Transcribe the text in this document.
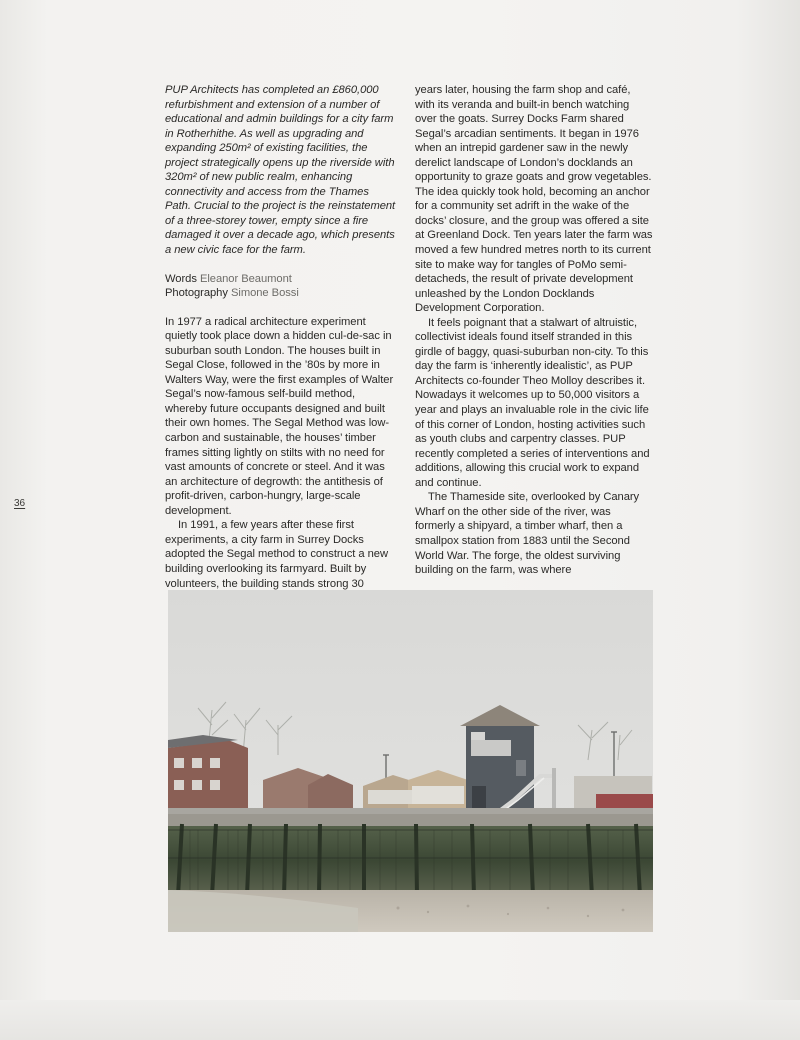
36

PUP Architects has completed an £860,000 refurbishment and extension of a number of educational and admin buildings for a city farm in Rotherhithe. As well as upgrading and expanding 250m² of existing facilities, the project strategically opens up the riverside with 320m² of new public realm, enhancing connectivity and access from the Thames Path. Crucial to the project is the reinstatement of a three-storey tower, empty since a fire damaged it over a decade ago, which presents a new civic face for the farm.

Words Eleanor Beaumont
Photography Simone Bossi

In 1977 a radical architecture experiment quietly took place down a hidden cul-de-sac in suburban south London. The houses built in Segal Close, followed in the ’80s by more in Walters Way, were the first examples of Walter Segal’s now-famous self-build method, whereby future occupants designed and built their own homes. The Segal Method was low-carbon and sustainable, the houses’ timber frames sitting lightly on stilts with no need for vast amounts of concrete or steel. And it was an architecture of degrowth: the antithesis of profit-driven, carbon-hungry, large-scale development.

In 1991, a few years after these first experiments, a city farm in Surrey Docks adopted the Segal method to construct a new building overlooking its farmyard. Built by volunteers, the building stands strong 30

years later, housing the farm shop and café, with its veranda and built-in bench watching over the goats. Surrey Docks Farm shared Segal’s arcadian sentiments. It began in 1976 when an intrepid gardener saw in the newly derelict landscape of London’s docklands an opportunity to graze goats and grow vegetables. The idea quickly took hold, becoming an anchor for a community set adrift in the wake of the docks’ closure, and the group was offered a site at Greenland Dock. Ten years later the farm was moved a few hundred metres north to its current site to make way for tangles of PoMo semi-detacheds, the result of private development unleashed by the London Docklands Development Corporation.

It feels poignant that a stalwart of altruistic, collectivist ideals found itself stranded in this girdle of baggy, quasi-suburban non-city. To this day the farm is ‘inherently idealistic’, as PUP Architects co-founder Theo Molloy describes it. Nowadays it welcomes up to 50,000 visitors a year and plays an invaluable role in the civic life of this corner of London, hosting activities such as youth clubs and carpentry classes. PUP recently completed a series of interventions and additions, allowing this crucial work to expand and continue.

The Thameside site, overlooked by Canary Wharf on the other side of the river, was formerly a shipyard, a timber wharf, then a smallpox station from 1883 until the Second World War. The forge, the oldest surviving building on the farm, was where
